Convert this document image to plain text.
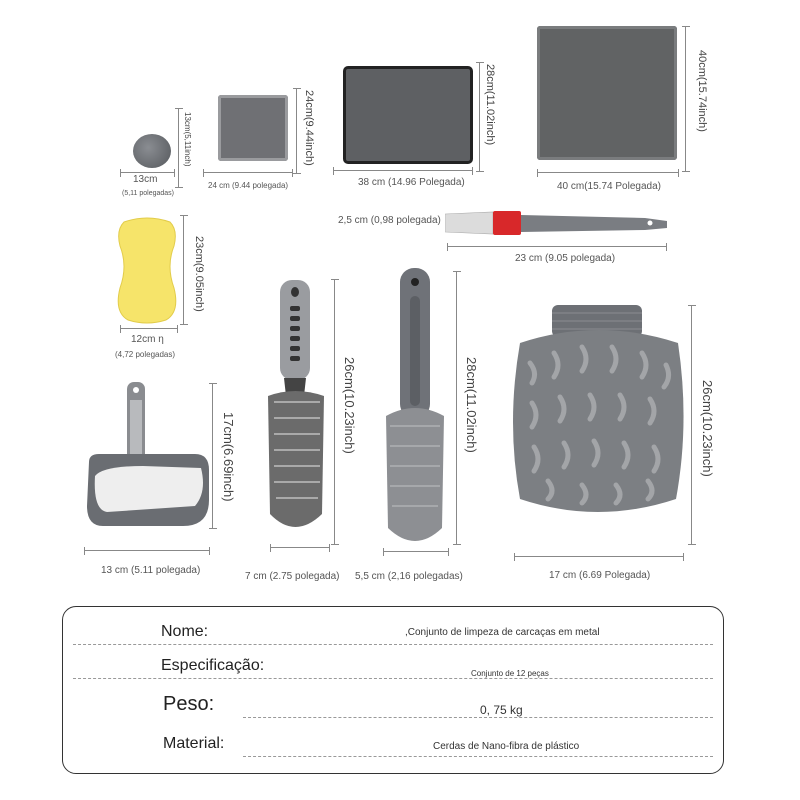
13cm(5,11inch)
13cm
(5,11 polegadas)
24cm(9.44inch)
24 cm (9.44 polegada)
28cm(11.02inch)
38 cm (14.96 Polegada)
40cm(15.74inch)
40 cm(15.74 Polegada)
23cm(9.05inch)
12cm η
(4,72 polegadas)
2,5 cm (0,98 polegada)
23 cm (9.05 polegada)
17cm(6.69inch)
13 cm (5.11 polegada)
26cm(10.23inch)
7 cm (2.75 polegada)
28cm(11.02inch)
5,5 cm (2,16 polegadas)
26cm(10.23inch)
17 cm (6.69 Polegada)
Nome:	,Conjunto de limpeza de carcaças em metal
Especificação:	Conjunto de 12 peças
Peso:	0, 75 kg
Material:	Cerdas de Nano-fibra de plástico
